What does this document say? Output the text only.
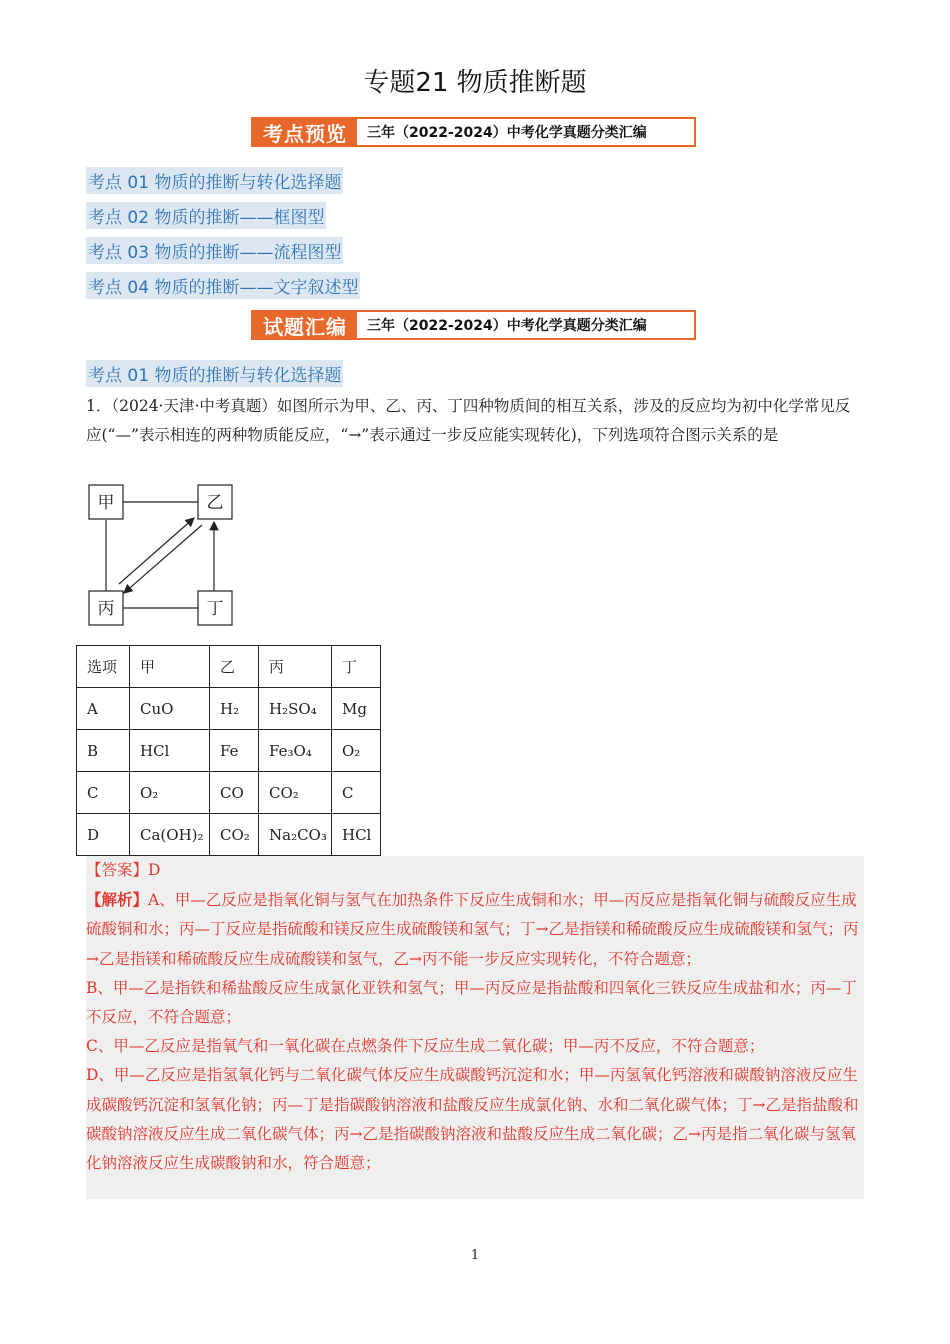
专题21 物质推断题
考点预览	三年（2022-2024）中考化学真题分类汇编
考点 01 物质的推断与转化选择题
考点 02 物质的推断——框图型
考点 03 物质的推断——流程图型
考点 04 物质的推断——文字叙述型
试题汇编	三年（2022-2024）中考化学真题分类汇编
考点 01 物质的推断与转化选择题
1．（2024·天津·中考真题）如图所示为甲、乙、丙、丁四种物质间的相互关系，涉及的反应均为初中化学常见反应(“—”表示相连的两种物质能反应，“→”表示通过一步反应能实现转化)，下列选项符合图示关系的是
甲	乙
丙	丁
选项	甲	乙	丙	丁
A	CuO	H₂	H₂SO₄	Mg
B	HCl	Fe	Fe₃O₄	O₂
C	O₂	CO	CO₂	C
D	Ca(OH)₂	CO₂	Na₂CO₃	HCl

【答案】D

【解析】A、甲—乙反应是指氧化铜与氢气在加热条件下反应生成铜和水；甲—丙反应是指氧化铜与硫酸反应生成硫酸铜和水；丙—丁反应是指硫酸和镁反应生成硫酸镁和氢气；丁→乙是指镁和稀硫酸反应生成硫酸镁和氢气；丙→乙是指镁和稀硫酸反应生成硫酸镁和氢气，乙→丙不能一步反应实现转化，不符合题意；

B、甲—乙是指铁和稀盐酸反应生成氯化亚铁和氢气；甲—丙反应是指盐酸和四氧化三铁反应生成盐和水；丙—丁不反应，不符合题意；

C、甲—乙反应是指氧气和一氧化碳在点燃条件下反应生成二氧化碳；甲—丙不反应，不符合题意；

D、甲—乙反应是指氢氧化钙与二氧化碳气体反应生成碳酸钙沉淀和水；甲—丙氢氧化钙溶液和碳酸钠溶液反应生成碳酸钙沉淀和氢氧化钠；丙—丁是指碳酸钠溶液和盐酸反应生成氯化钠、水和二氧化碳气体；丁→乙是指盐酸和碳酸钠溶液反应生成二氧化碳气体；丙→乙是指碳酸钠溶液和盐酸反应生成二氧化碳；乙→丙是指二氧化碳与氢氧化钠溶液反应生成碳酸钠和水，符合题意；

1
